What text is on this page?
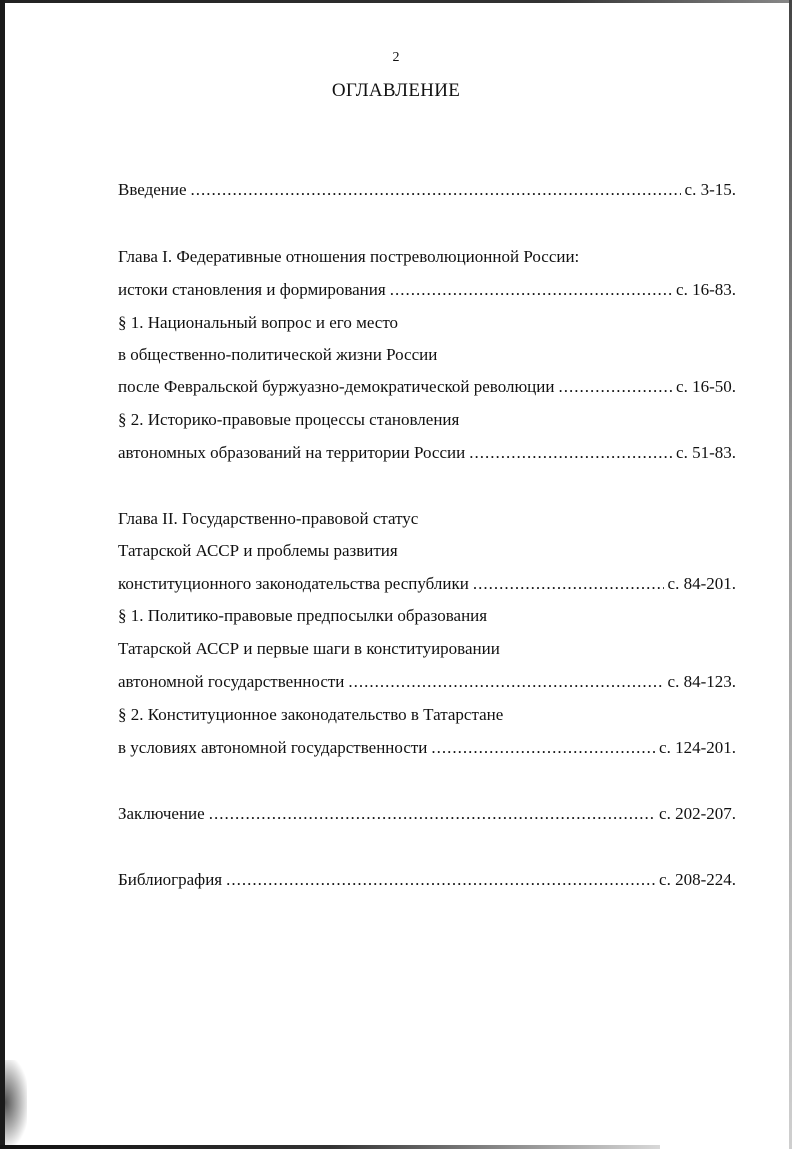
2
ОГЛАВЛЕНИЕ
Введение .....	с. 3-15.
Глава I. Федеративные отношения постреволюционной России:
истоки становления и формирования .....	с. 16-83.
§ 1. Национальный вопрос и его место
в общественно-политической жизни России
после Февральской буржуазно-демократической революции .....	с. 16-50.
§ 2. Историко-правовые процессы становления
автономных образований на территории России .....	с. 51-83.
Глава II. Государственно-правовой статус
Татарской АССР и проблемы развития
конституционного законодательства республики .....	с. 84-201.
§ 1. Политико-правовые предпосылки образования
Татарской АССР и первые шаги в конституировании
автономной государственности .....	с. 84-123.
§ 2. Конституционное законодательство в Татарстане
в условиях автономной государственности .....	с. 124-201.
Заключение .....	с. 202-207.
Библиография .....	с. 208-224.
